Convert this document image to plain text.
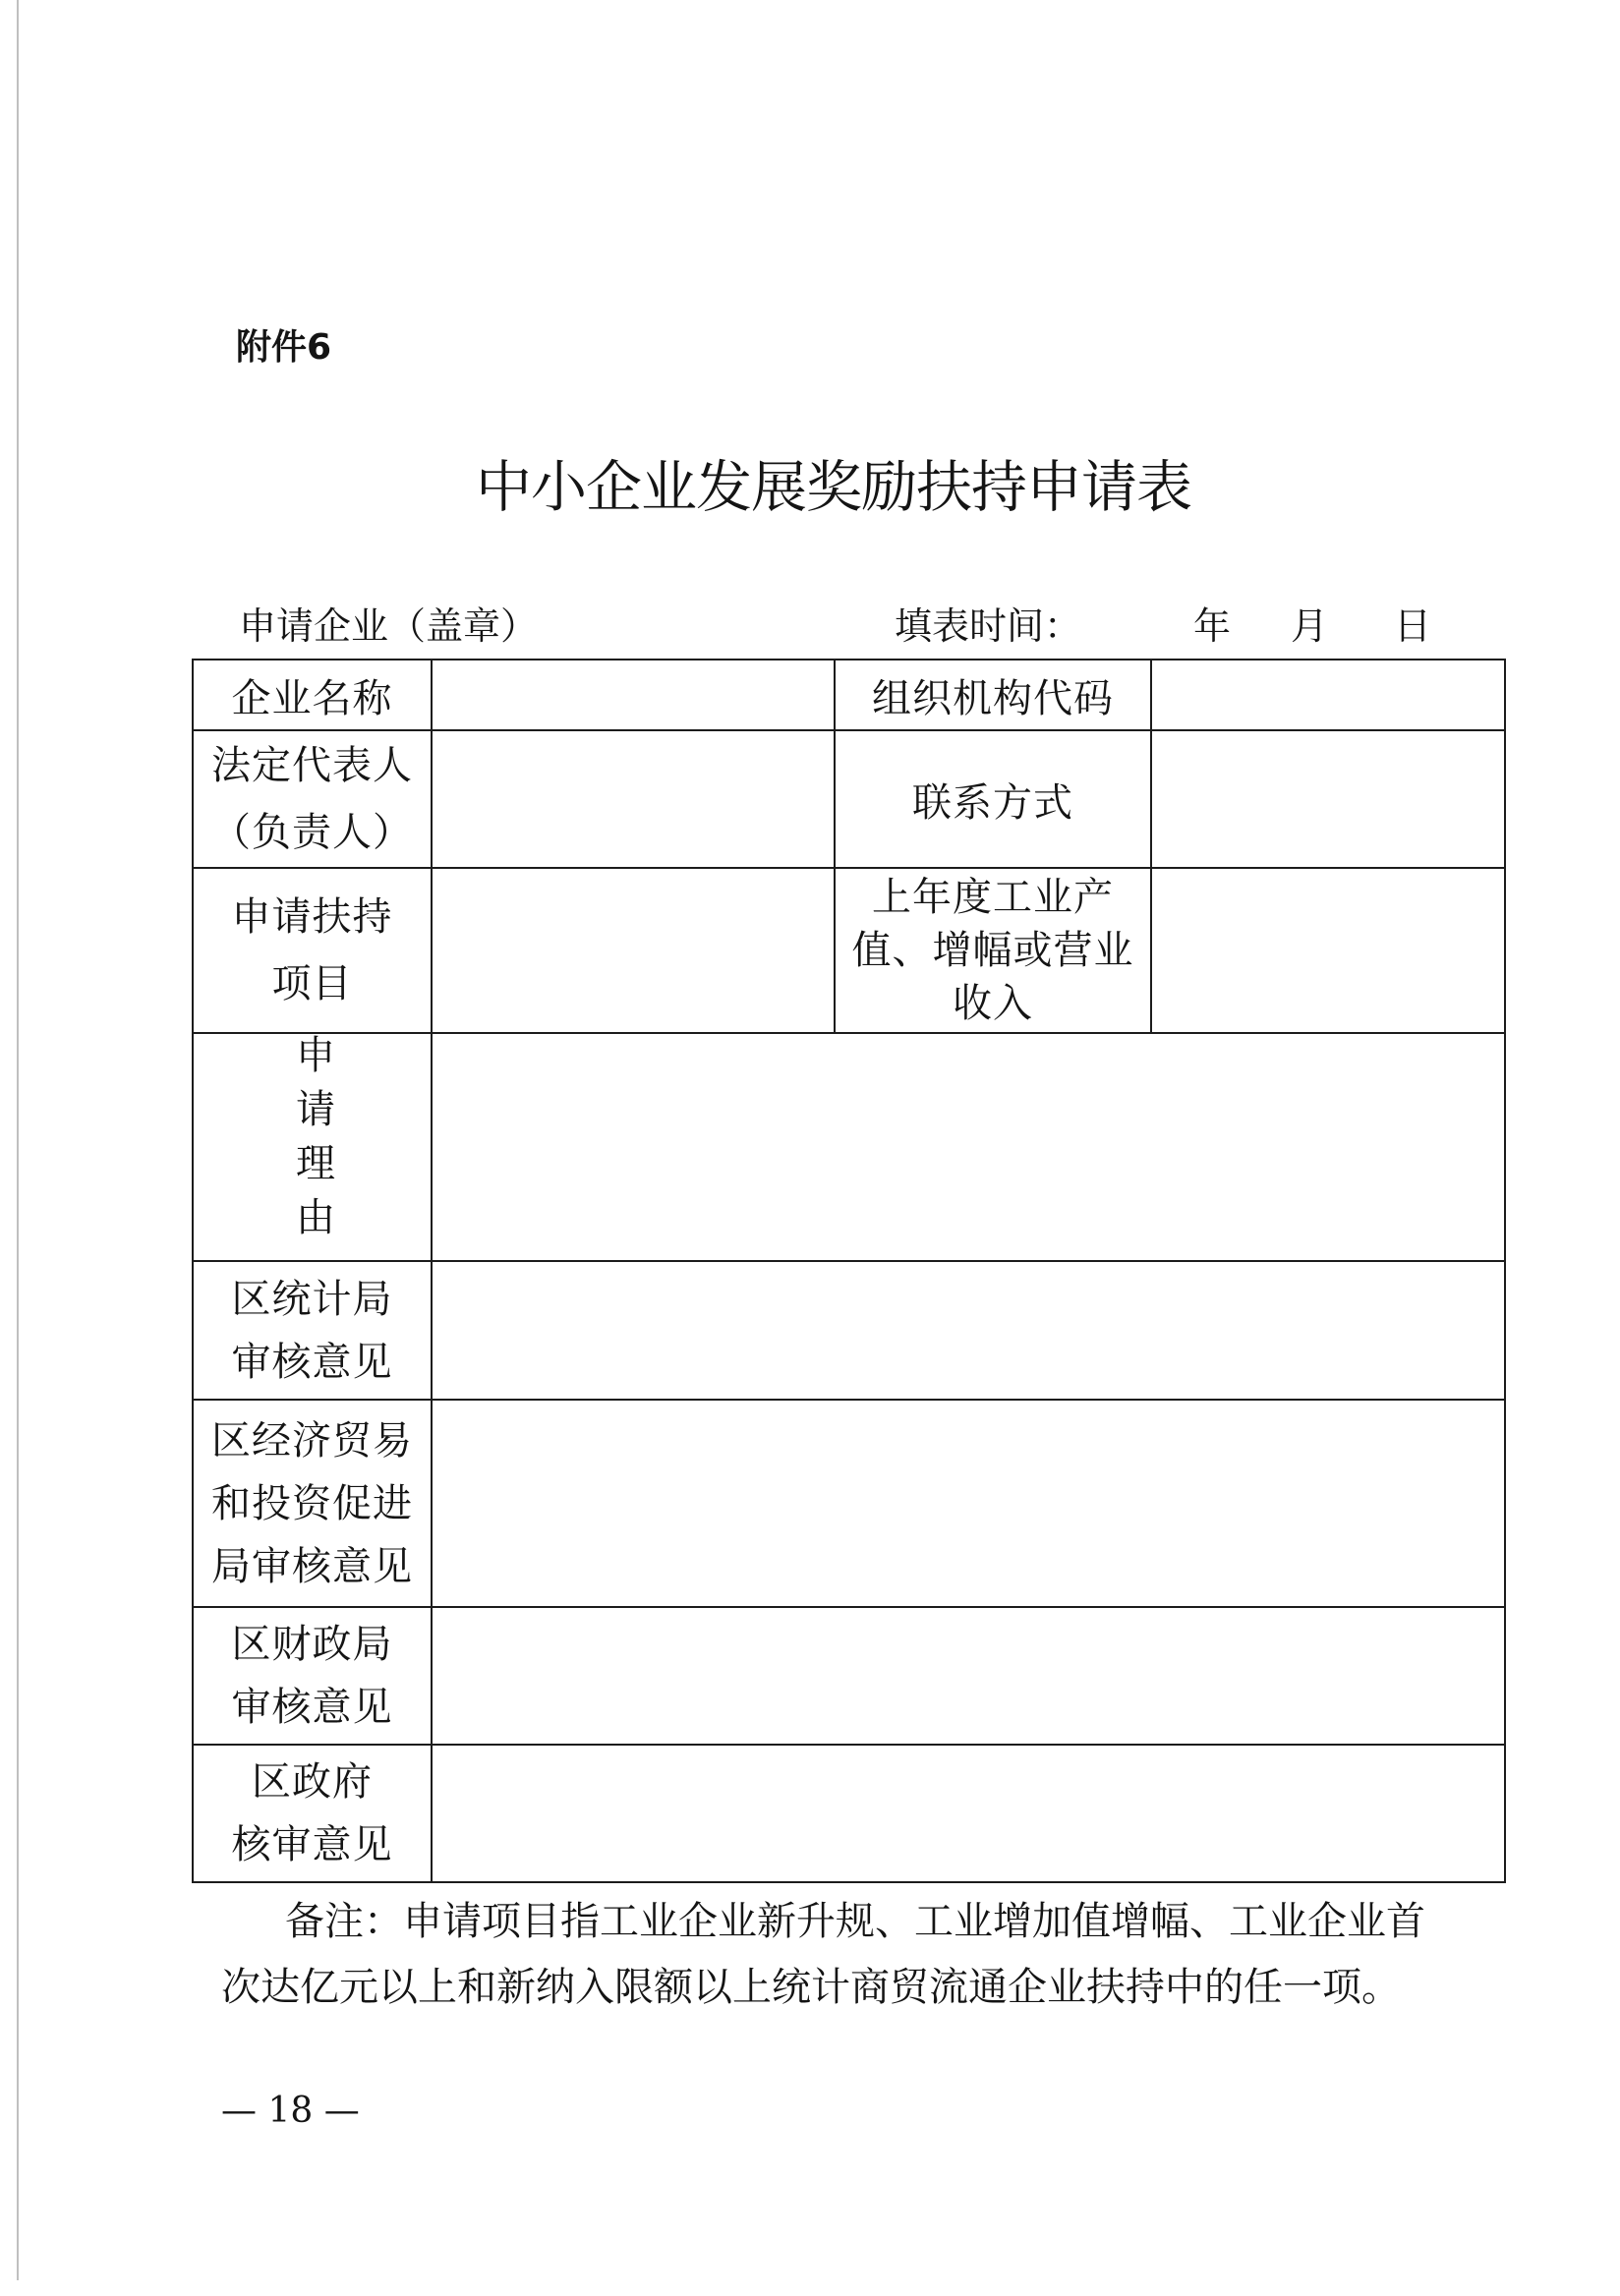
附件6
中小企业发展奖励扶持申请表
申请企业（盖章）	填表时间：	年 月 日
企业名称		组织机构代码	

法定代表人
（负责人）		联系方式	

申请扶持
项目		上年度工业产
值、增幅或营业
收入	

申请理由			

区统计局
审核意见			

区经济贸易
和投资促进
局审核意见			

区财政局
审核意见			

区政府
核审意见			

备注：申请项目指工业企业新升规、工业增加值增幅、工业企业首
次达亿元以上和新纳入限额以上统计商贸流通企业扶持中的任一项。
— 18 —
